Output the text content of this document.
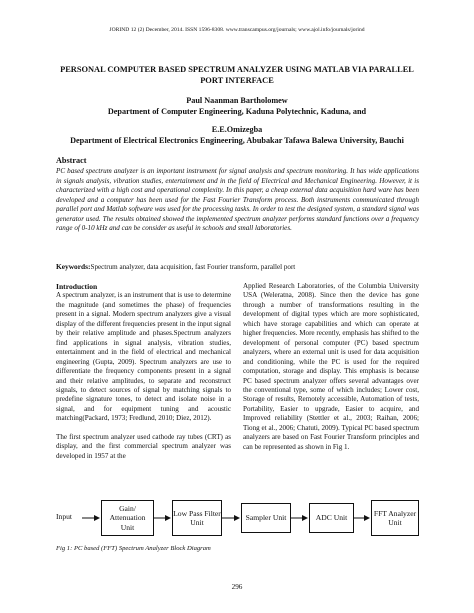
JORIND 12 (2) December, 2014. ISSN 1596-8308. www.transcampus.org/journals; www.ajol.info/journals/jorind
PERSONAL COMPUTER BASED SPECTRUM ANALYZER USING MATLAB VIA PARALLEL PORT INTERFACE
Paul Naanman Bartholomew
Department of Computer Engineering, Kaduna Polytechnic, Kaduna, and
E.E.Omizegba
Department of Electrical Electronics Engineering, Abubakar Tafawa Balewa University, Bauchi
Abstract
PC based spectrum analyzer is an important instrument for signal analysis and spectrum monitoring. It has wide applications in signals analysis, vibration studies, entertainment and in the field of Electrical and Mechanical Engineering. However, it is characterized with a high cost and operational complexity. In this paper, a cheap external data acquisition hard ware has been developed and a computer has been used for the Fast Fourier Transform process. Both instruments communicated through parallel port and Matlab software was used for the processing tasks. In order to test the designed system, a standard signal was generator used. The results obtained showed the implemented spectrum analyzer performs standard functions over a frequency range of 0-10 kHz and can be consider as useful in schools and small laboratories.
Keywords:Spectrum analyzer, data acquisition, fast Fourier transform, parallel port

Introduction

A spectrum analyzer, is an instrument that is use to determine the magnitude (and sometimes the phase) of frequencies present in a signal. Modern spectrum analyzers give a visual display of the different frequencies present in the input signal by their relative amplitude and phases.Spectrum analyzers find applications in signal analysis, vibration studies, entertainment and in the field of electrical and mechanical engineering (Gupta, 2009). Spectrum analyzers are use to differentiate the frequency components present in a signal and their relative amplitudes, to separate and reconstruct signals, to detect sources of signal by matching signals to predefine signature tones, to detect and isolate noise in a signal, and for equipment tuning and acoustic matching(Packard, 1973; Fredlund, 2010; Diez, 2012).

The first spectrum analyzer used cathode ray tubes (CRT) as display, and the first commercial spectrum analyzer was developed in 1957 at the

Applied Research Laboratories, of the Columbia University USA (Weleratna, 2008). Since then the device has gone through a number of transformations resulting in the development of digital types which are more sophisticated, which have storage capabilities and which can operate at higher frequencies. More recently, emphasis has shifted to the development of personal computer (PC) based spectrum analyzers, where an external unit is used for data acquisition and conditioning, while the PC is used for the required computation, storage and display. This emphasis is because PC based spectrum analyzer offers several advantages over the conventional type, some of which includes; Lower cost, Storage of results, Remotely accessible, Automation of tests, Portability, Easier to upgrade, Easier to acquire, and Improved reliability (Stettler et al., 2003; Raihan, 2006; Tiong et al., 2006; Chatuti, 2009). Typical PC based spectrum analyzers are based on Fast Fourier Transform principles and can be represented as shown in Fig 1.

Input
Gain/ Attenuation Unit
Low Pass Filter Unit
Sampler Unit	ADC Unit
FFT Analyzer Unit
Fig 1: PC based (FFT) Spectrum Analyzer Block Diagram
296
